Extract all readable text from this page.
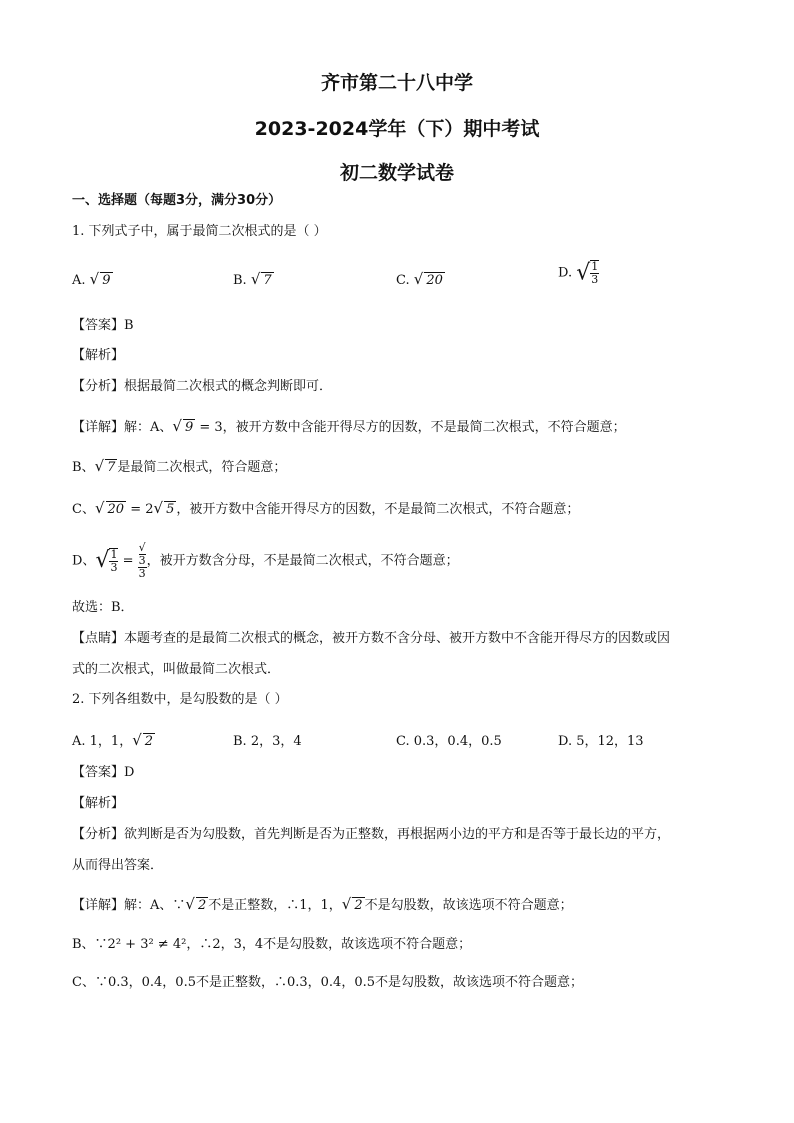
齐市第二十八中学
2023-2024学年（下）期中考试
初二数学试卷
一、选择题（每题3分，满分30分）
1. 下列式子中，属于最简二次根式的是（ ）
A. √ 9	B. √ 7	C. √ 20	D. √ $\frac{1}{3}$
【答案】B
【解析】
【分析】根据最简二次根式的概念判断即可．
【详解】解：A、√ 9 = 3，被开方数中含能开得尽方的因数，不是最简二次根式，不符合题意；
B、√ 7 是最简二次根式，符合题意；
C、√ 20 = 2√ 5 ，被开方数中含能开得尽方的因数，不是最简二次根式，不符合题意；
D、√ $\frac{1}{3}$ = √
3
3 ，被开方数含分母，不是最简二次根式，不符合题意；
故选：B．
【点睛】本题考查的是最简二次根式的概念，被开方数不含分母、被开方数中不含能开得尽方的因数或因
式的二次根式，叫做最简二次根式．
2. 下列各组数中，是勾股数的是（ ）
A. 1，1，√ 2	B. 2，3，4	C. 0.3，0.4，0.5	D. 5，12，13
【答案】D
【解析】
【分析】欲判断是否为勾股数，首先判断是否为正整数，再根据两小边的平方和是否等于最长边的平方，
从而得出答案．
【详解】解：A、∵√ 2 不是正整数，∴1，1，√ 2 不是勾股数，故该选项不符合题意；
B、∵2² + 3² ≠ 4²，∴2，3，4不是勾股数，故该选项不符合题意；
C、∵0.3，0.4，0.5不是正整数，∴0.3，0.4，0.5不是勾股数，故该选项不符合题意；
